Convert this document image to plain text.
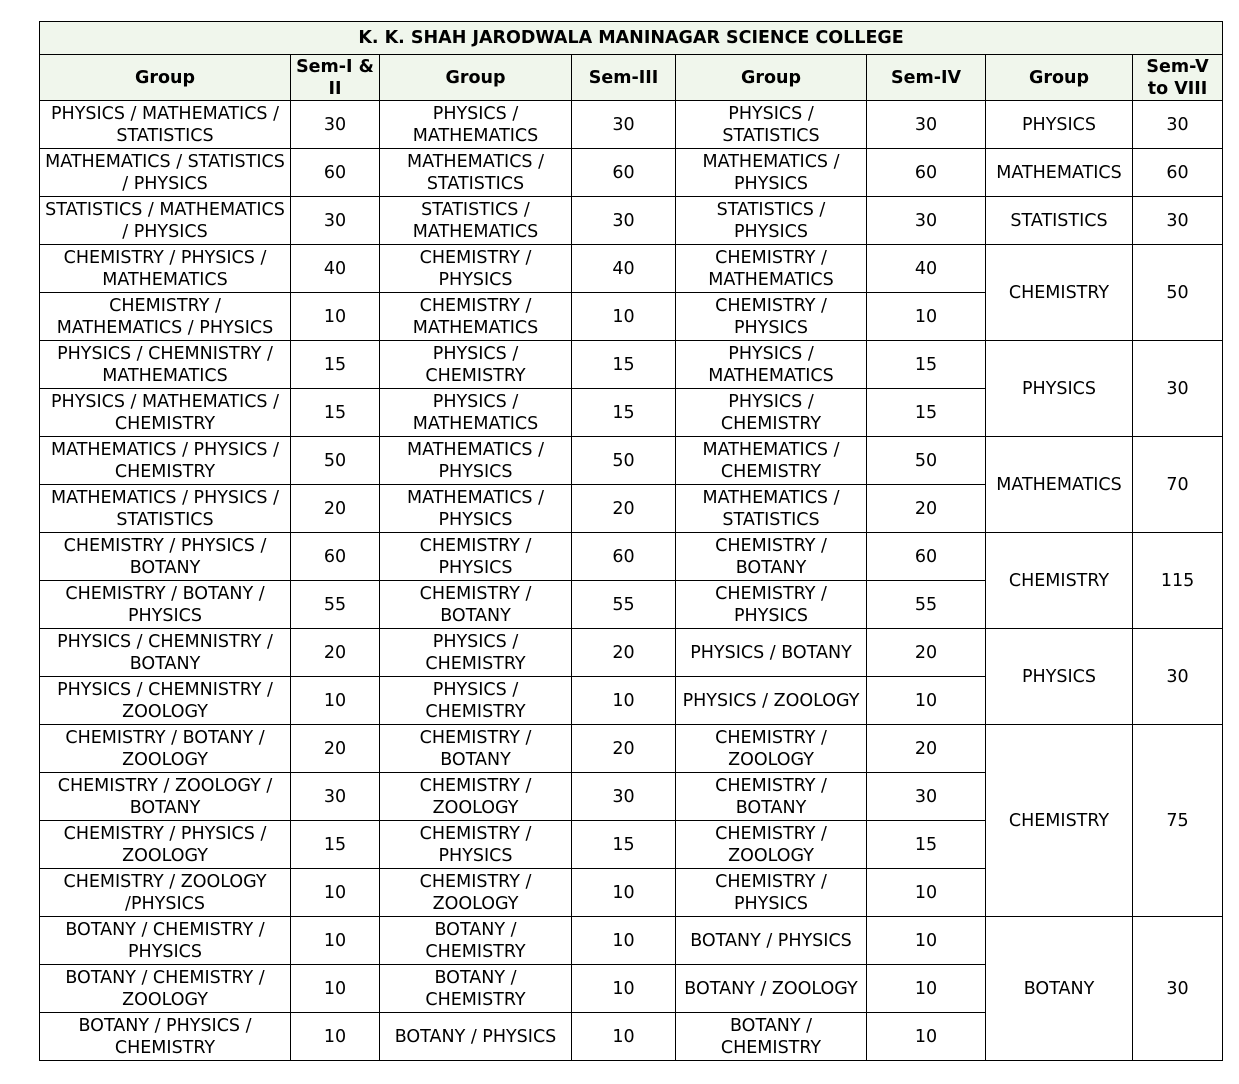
K. K. SHAH JARODWALA MANINAGAR SCIENCE COLLEGE							
Group	Sem-I & II	Group	Sem-III	Group	Sem-IV	Group	Sem-V to VIII
PHYSICS / MATHEMATICS / STATISTICS	30	PHYSICS / MATHEMATICS	30	PHYSICS / STATISTICS	30	PHYSICS	30
MATHEMATICS / STATISTICS / PHYSICS	60	MATHEMATICS / STATISTICS	60	MATHEMATICS / PHYSICS	60	MATHEMATICS	60
STATISTICS / MATHEMATICS / PHYSICS	30	STATISTICS / MATHEMATICS	30	STATISTICS / PHYSICS	30	STATISTICS	30
CHEMISTRY / PHYSICS / MATHEMATICS	40	CHEMISTRY / PHYSICS	40	CHEMISTRY / MATHEMATICS	40	CHEMISTRY	50
CHEMISTRY / MATHEMATICS / PHYSICS	10	CHEMISTRY / MATHEMATICS	10	CHEMISTRY / PHYSICS	10		
PHYSICS / CHEMNISTRY / MATHEMATICS	15	PHYSICS / CHEMISTRY	15	PHYSICS / MATHEMATICS	15	PHYSICS	30
PHYSICS / MATHEMATICS / CHEMISTRY	15	PHYSICS / MATHEMATICS	15	PHYSICS / CHEMISTRY	15		
MATHEMATICS / PHYSICS / CHEMISTRY	50	MATHEMATICS / PHYSICS	50	MATHEMATICS / CHEMISTRY	50	MATHEMATICS	70
MATHEMATICS / PHYSICS / STATISTICS	20	MATHEMATICS / PHYSICS	20	MATHEMATICS / STATISTICS	20		
CHEMISTRY / PHYSICS / BOTANY	60	CHEMISTRY / PHYSICS	60	CHEMISTRY / BOTANY	60	CHEMISTRY	115
CHEMISTRY / BOTANY / PHYSICS	55	CHEMISTRY / BOTANY	55	CHEMISTRY / PHYSICS	55		
PHYSICS / CHEMNISTRY / BOTANY	20	PHYSICS / CHEMISTRY	20	PHYSICS / BOTANY	20	PHYSICS	30
PHYSICS / CHEMNISTRY / ZOOLOGY	10	PHYSICS / CHEMISTRY	10	PHYSICS / ZOOLOGY	10		
CHEMISTRY / BOTANY / ZOOLOGY	20	CHEMISTRY / BOTANY	20	CHEMISTRY / ZOOLOGY	20	CHEMISTRY	75
CHEMISTRY / ZOOLOGY / BOTANY	30	CHEMISTRY / ZOOLOGY	30	CHEMISTRY / BOTANY	30		
CHEMISTRY / PHYSICS / ZOOLOGY	15	CHEMISTRY / PHYSICS	15	CHEMISTRY / ZOOLOGY	15		
CHEMISTRY / ZOOLOGY /PHYSICS	10	CHEMISTRY / ZOOLOGY	10	CHEMISTRY / PHYSICS	10		
BOTANY / CHEMISTRY / PHYSICS	10	BOTANY / CHEMISTRY	10	BOTANY / PHYSICS	10	BOTANY	30
BOTANY / CHEMISTRY / ZOOLOGY	10	BOTANY / CHEMISTRY	10	BOTANY / ZOOLOGY	10		
BOTANY / PHYSICS / CHEMISTRY	10	BOTANY / PHYSICS	10	BOTANY / CHEMISTRY	10		
